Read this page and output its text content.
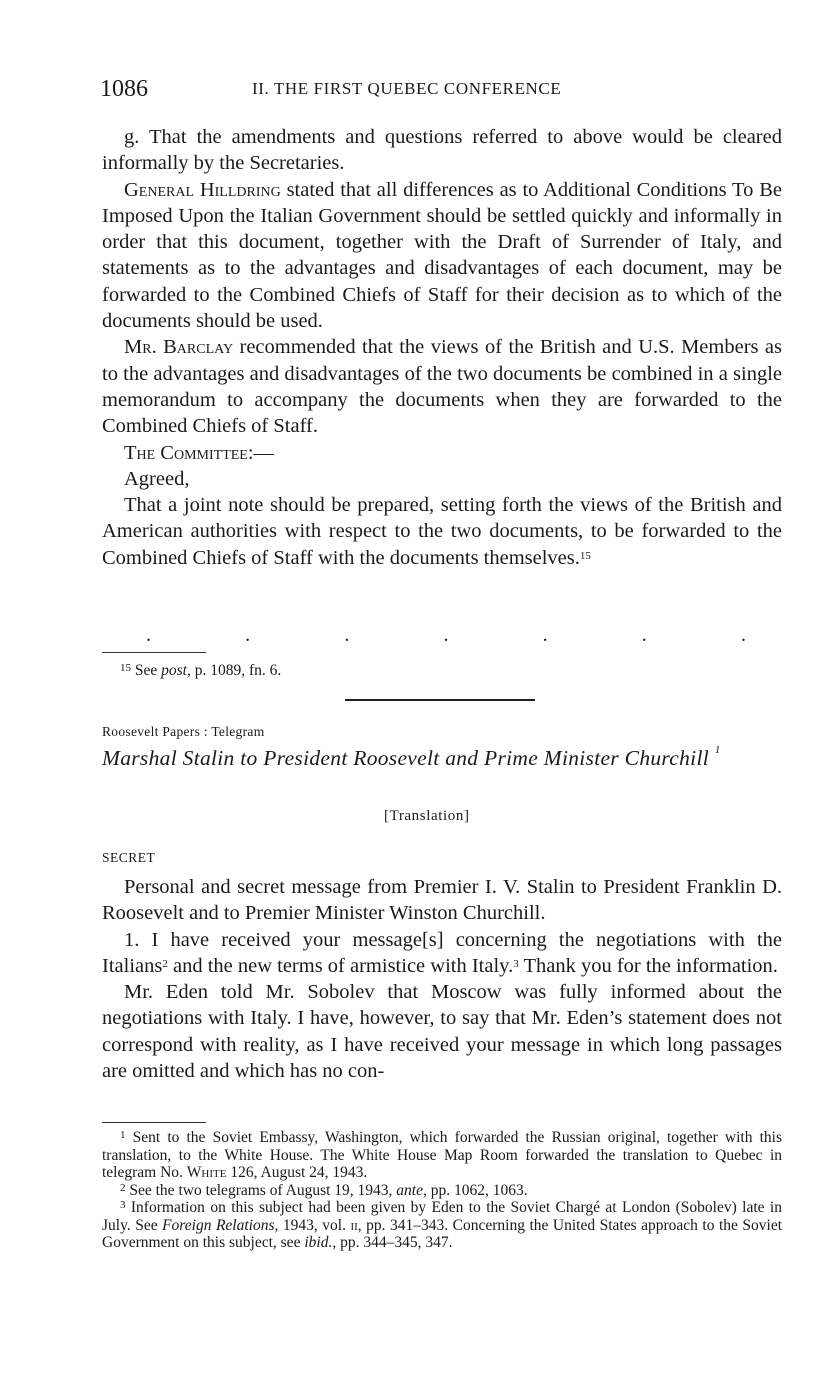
1086	II. THE FIRST QUEBEC CONFERENCE

g. That the amendments and questions referred to above would be cleared informally by the Secretaries.

General Hilldring stated that all differences as to Additional Conditions To Be Imposed Upon the Italian Government should be settled quickly and informally in order that this document, together with the Draft of Surrender of Italy, and statements as to the advantages and disadvantages of each document, may be forwarded to the Combined Chiefs of Staff for their decision as to which of the documents should be used.

Mr. Barclay recommended that the views of the British and U.S. Members as to the advantages and disadvantages of the two documents be combined in a single memorandum to accompany the documents when they are forwarded to the Combined Chiefs of Staff.

The Committee:—

Agreed,

That a joint note should be prepared, setting forth the views of the British and American authorities with respect to the two documents, to be forwarded to the Combined Chiefs of Staff with the documents themselves.$^{15}$

.	.	.	.	.	.	.

$^{15}$ See post, p. 1089, fn. 6.

Roosevelt Papers : Telegram
Marshal Stalin to President Roosevelt and Prime Minister Churchill $^1$
[Translation]
SECRET

Personal and secret message from Premier I. V. Stalin to President Franklin D. Roosevelt and to Premier Minister Winston Churchill.

1. I have received your message[s] concerning the negotiations with the Italians$^2$ and the new terms of armistice with Italy.$^3$ Thank you for the information.

Mr. Eden told Mr. Sobolev that Moscow was fully informed about the negotiations with Italy. I have, however, to say that Mr. Eden’s statement does not correspond with reality, as I have received your message in which long passages are omitted and which has no con-

$^1$ Sent to the Soviet Embassy, Washington, which forwarded the Russian original, together with this translation, to the White House. The White House Map Room forwarded the translation to Quebec in telegram No. White 126, August 24, 1943.

$^2$ See the two telegrams of August 19, 1943, ante, pp. 1062, 1063.

$^3$ Information on this subject had been given by Eden to the Soviet Chargé at London (Sobolev) late in July. See Foreign Relations, 1943, vol. ii, pp. 341–343. Concerning the United States approach to the Soviet Government on this subject, see ibid., pp. 344–345, 347.
